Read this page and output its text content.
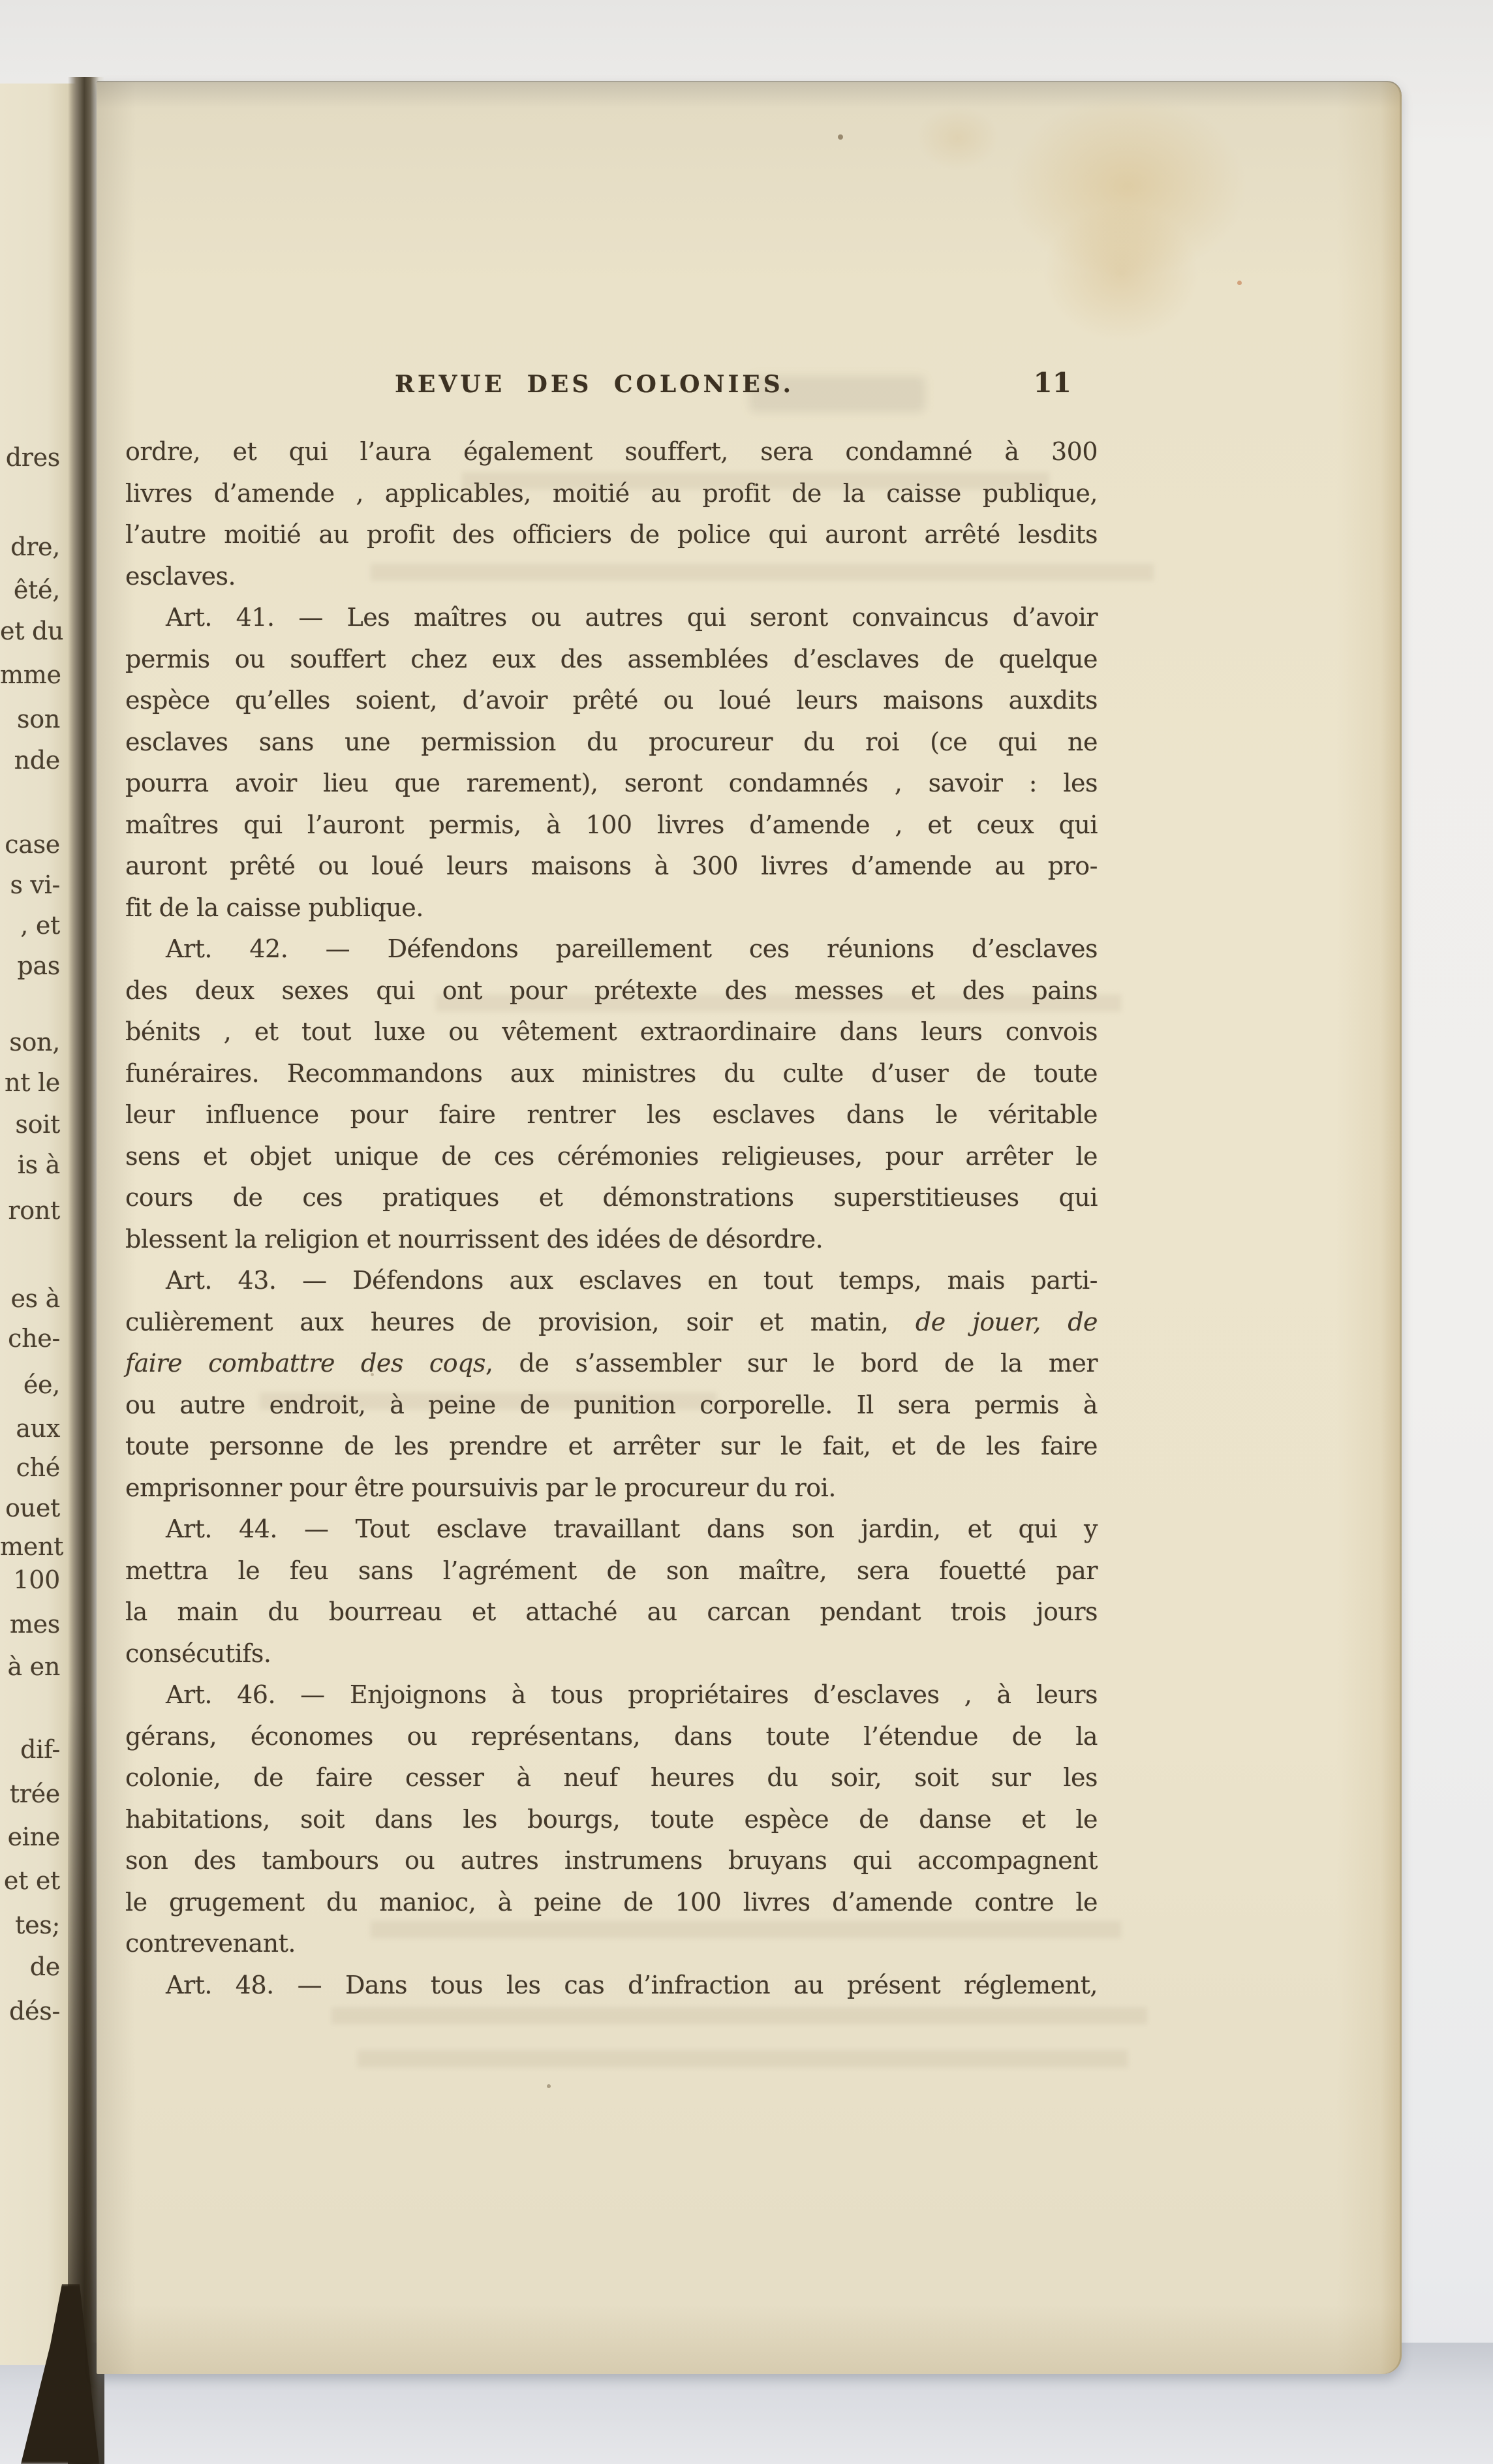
dres
dre,
êté,
et du
mme
son
nde
case
s vi-
, et
pas
son,
nt le
soit
is à
ront
es à
che-
ée,
aux
ché
ouet
ment
100
mes
à en
dif-
trée
eine
et et
tes;
de
dés-
REVUE DES COLONIES.	11
ordre, et qui l’aura également souffert, sera condamné à 300
livres d’amende , applicables, moitié au profit de la caisse publique,
l’autre moitié au profit des officiers de police qui auront arrêté lesdits
esclaves.
Art. 41. — Les maîtres ou autres qui seront convaincus d’avoir
permis ou souffert chez eux des assemblées d’esclaves de quelque
espèce qu’elles soient, d’avoir prêté ou loué leurs maisons auxdits
esclaves sans une permission du procureur du roi (ce qui ne
pourra avoir lieu que rarement), seront condamnés , savoir : les
maîtres qui l’auront permis, à 100 livres d’amende , et ceux qui
auront prêté ou loué leurs maisons à 300 livres d’amende au pro-
fit de la caisse publique.
Art. 42. — Défendons pareillement ces réunions d’esclaves
des deux sexes qui ont pour prétexte des messes et des pains
bénits , et tout luxe ou vêtement extraordinaire dans leurs convois
funéraires. Recommandons aux ministres du culte d’user de toute
leur influence pour faire rentrer les esclaves dans le véritable
sens et objet unique de ces cérémonies religieuses, pour arrêter le
cours de ces pratiques et démonstrations superstitieuses qui
blessent la religion et nourrissent des idées de désordre.
Art. 43. — Défendons aux esclaves en tout temps, mais parti-
culièrement aux heures de provision, soir et matin, de jouer, de
faire combattre des coqs, de s’assembler sur le bord de la mer
ou autre endroit, à peine de punition corporelle. Il sera permis à
toute personne de les prendre et arrêter sur le fait, et de les faire
emprisonner pour être poursuivis par le procureur du roi.
Art. 44. — Tout esclave travaillant dans son jardin, et qui y
mettra le feu sans l’agrément de son maître, sera fouetté par
la main du bourreau et attaché au carcan pendant trois jours
consécutifs.
Art. 46. — Enjoignons à tous propriétaires d’esclaves , à leurs
gérans, économes ou représentans, dans toute l’étendue de la
colonie, de faire cesser à neuf heures du soir, soit sur les
habitations, soit dans les bourgs, toute espèce de danse et le
son des tambours ou autres instrumens bruyans qui accompagnent
le grugement du manioc, à peine de 100 livres d’amende contre le
contrevenant.
Art. 48. — Dans tous les cas d’infraction au présent réglement,
